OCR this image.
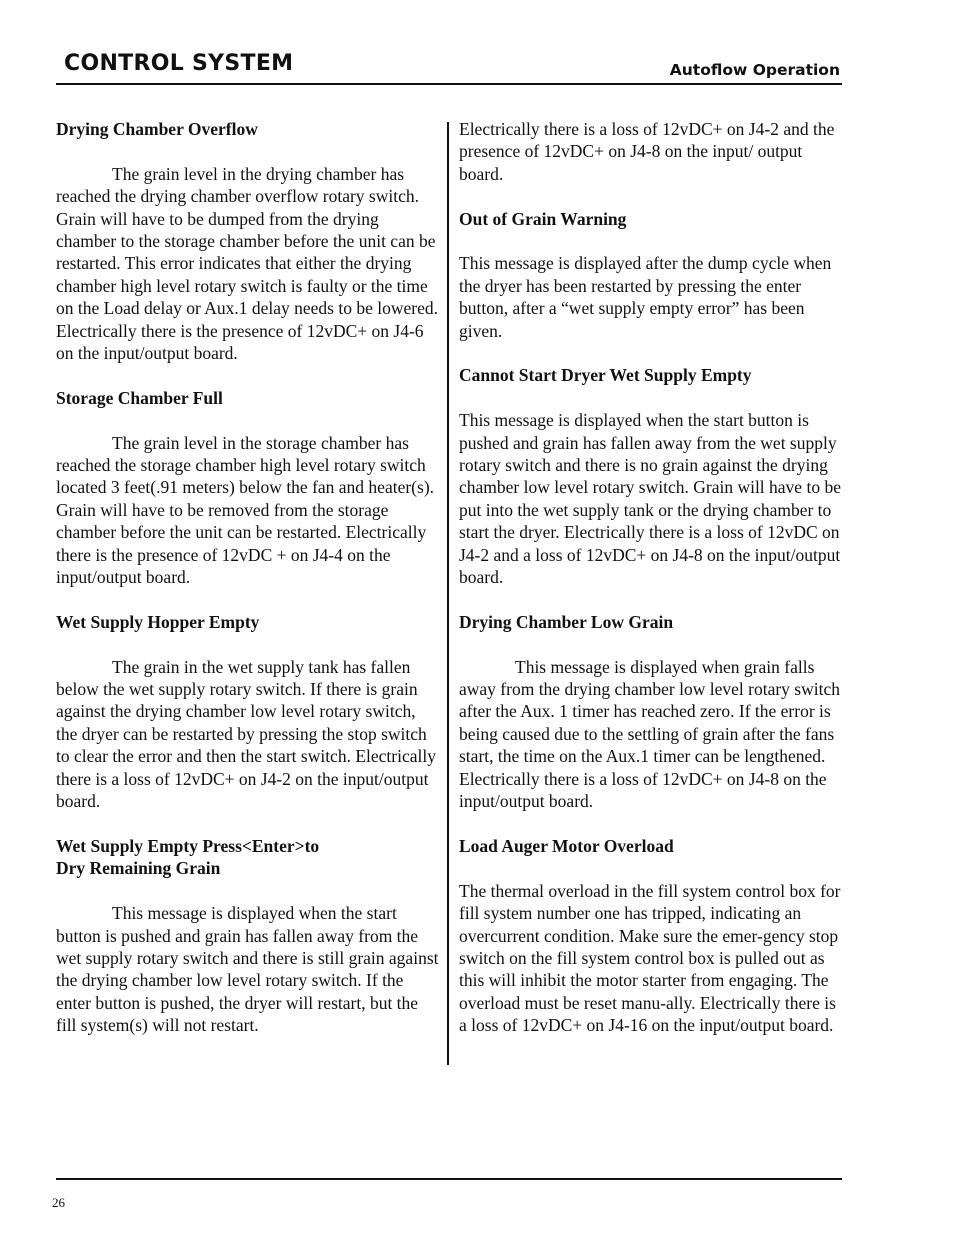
CONTROL SYSTEM	Autoflow Operation
Drying Chamber Overflow

The grain level in the drying chamber has reached the drying chamber overflow rotary switch. Grain will have to be dumped from the drying chamber to the storage chamber before the unit can be restarted. This error indicates that either the drying chamber high level rotary switch is faulty or the time on the Load delay or Aux.1 delay needs to be lowered. Electrically there is the presence of 12vDC+ on J4-6 on the input/output board.

Storage Chamber Full

The grain level in the storage chamber has reached the storage chamber high level rotary switch located 3 feet(.91 meters) below the fan and heater(s). Grain will have to be removed from the storage chamber before the unit can be restarted. Electrically there is the presence of 12vDC + on J4-4 on the input/output board.

Wet Supply Hopper Empty

The grain in the wet supply tank has fallen below the wet supply rotary switch. If there is grain against the drying chamber low level rotary switch, the dryer can be restarted by pressing the stop switch to clear the error and then the start switch. Electrically there is a loss of 12vDC+ on J4-2 on the input/output board.

Wet Supply Empty Press<Enter>to
Dry Remaining Grain

This message is displayed when the start button is pushed and grain has fallen away from the wet supply rotary switch and there is still grain against the drying chamber low level rotary switch. If the enter button is pushed, the dryer will restart, but the fill system(s) will not restart.

Electrically there is a loss of 12vDC+ on J4-2 and the presence of 12vDC+ on J4-8 on the input/ output board.

Out of Grain Warning

This message is displayed after the dump cycle when the dryer has been restarted by pressing the enter button, after a “wet supply empty error” has been given.

Cannot Start Dryer Wet Supply Empty

This message is displayed when the start button is pushed and grain has fallen away from the wet supply rotary switch and there is no grain against the drying chamber low level rotary switch. Grain will have to be put into the wet supply tank or the drying chamber to start the dryer. Electrically there is a loss of 12vDC on J4-2 and a loss of 12vDC+ on J4-8 on the input/output board.

Drying Chamber Low Grain

This message is displayed when grain falls away from the drying chamber low level rotary switch after the Aux. 1 timer has reached zero. If the error is being caused due to the settling of grain after the fans start, the time on the Aux.1 timer can be lengthened. Electrically there is a loss of 12vDC+ on J4-8 on the input/output board.

Load Auger Motor Overload

The thermal overload in the fill system control box for fill system number one has tripped, indicating an overcurrent condition. Make sure the emer-gency stop switch on the fill system control box is pulled out as this will inhibit the motor starter from engaging. The overload must be reset manu-ally. Electrically there is a loss of 12vDC+ on J4-16 on the input/output board.

26
